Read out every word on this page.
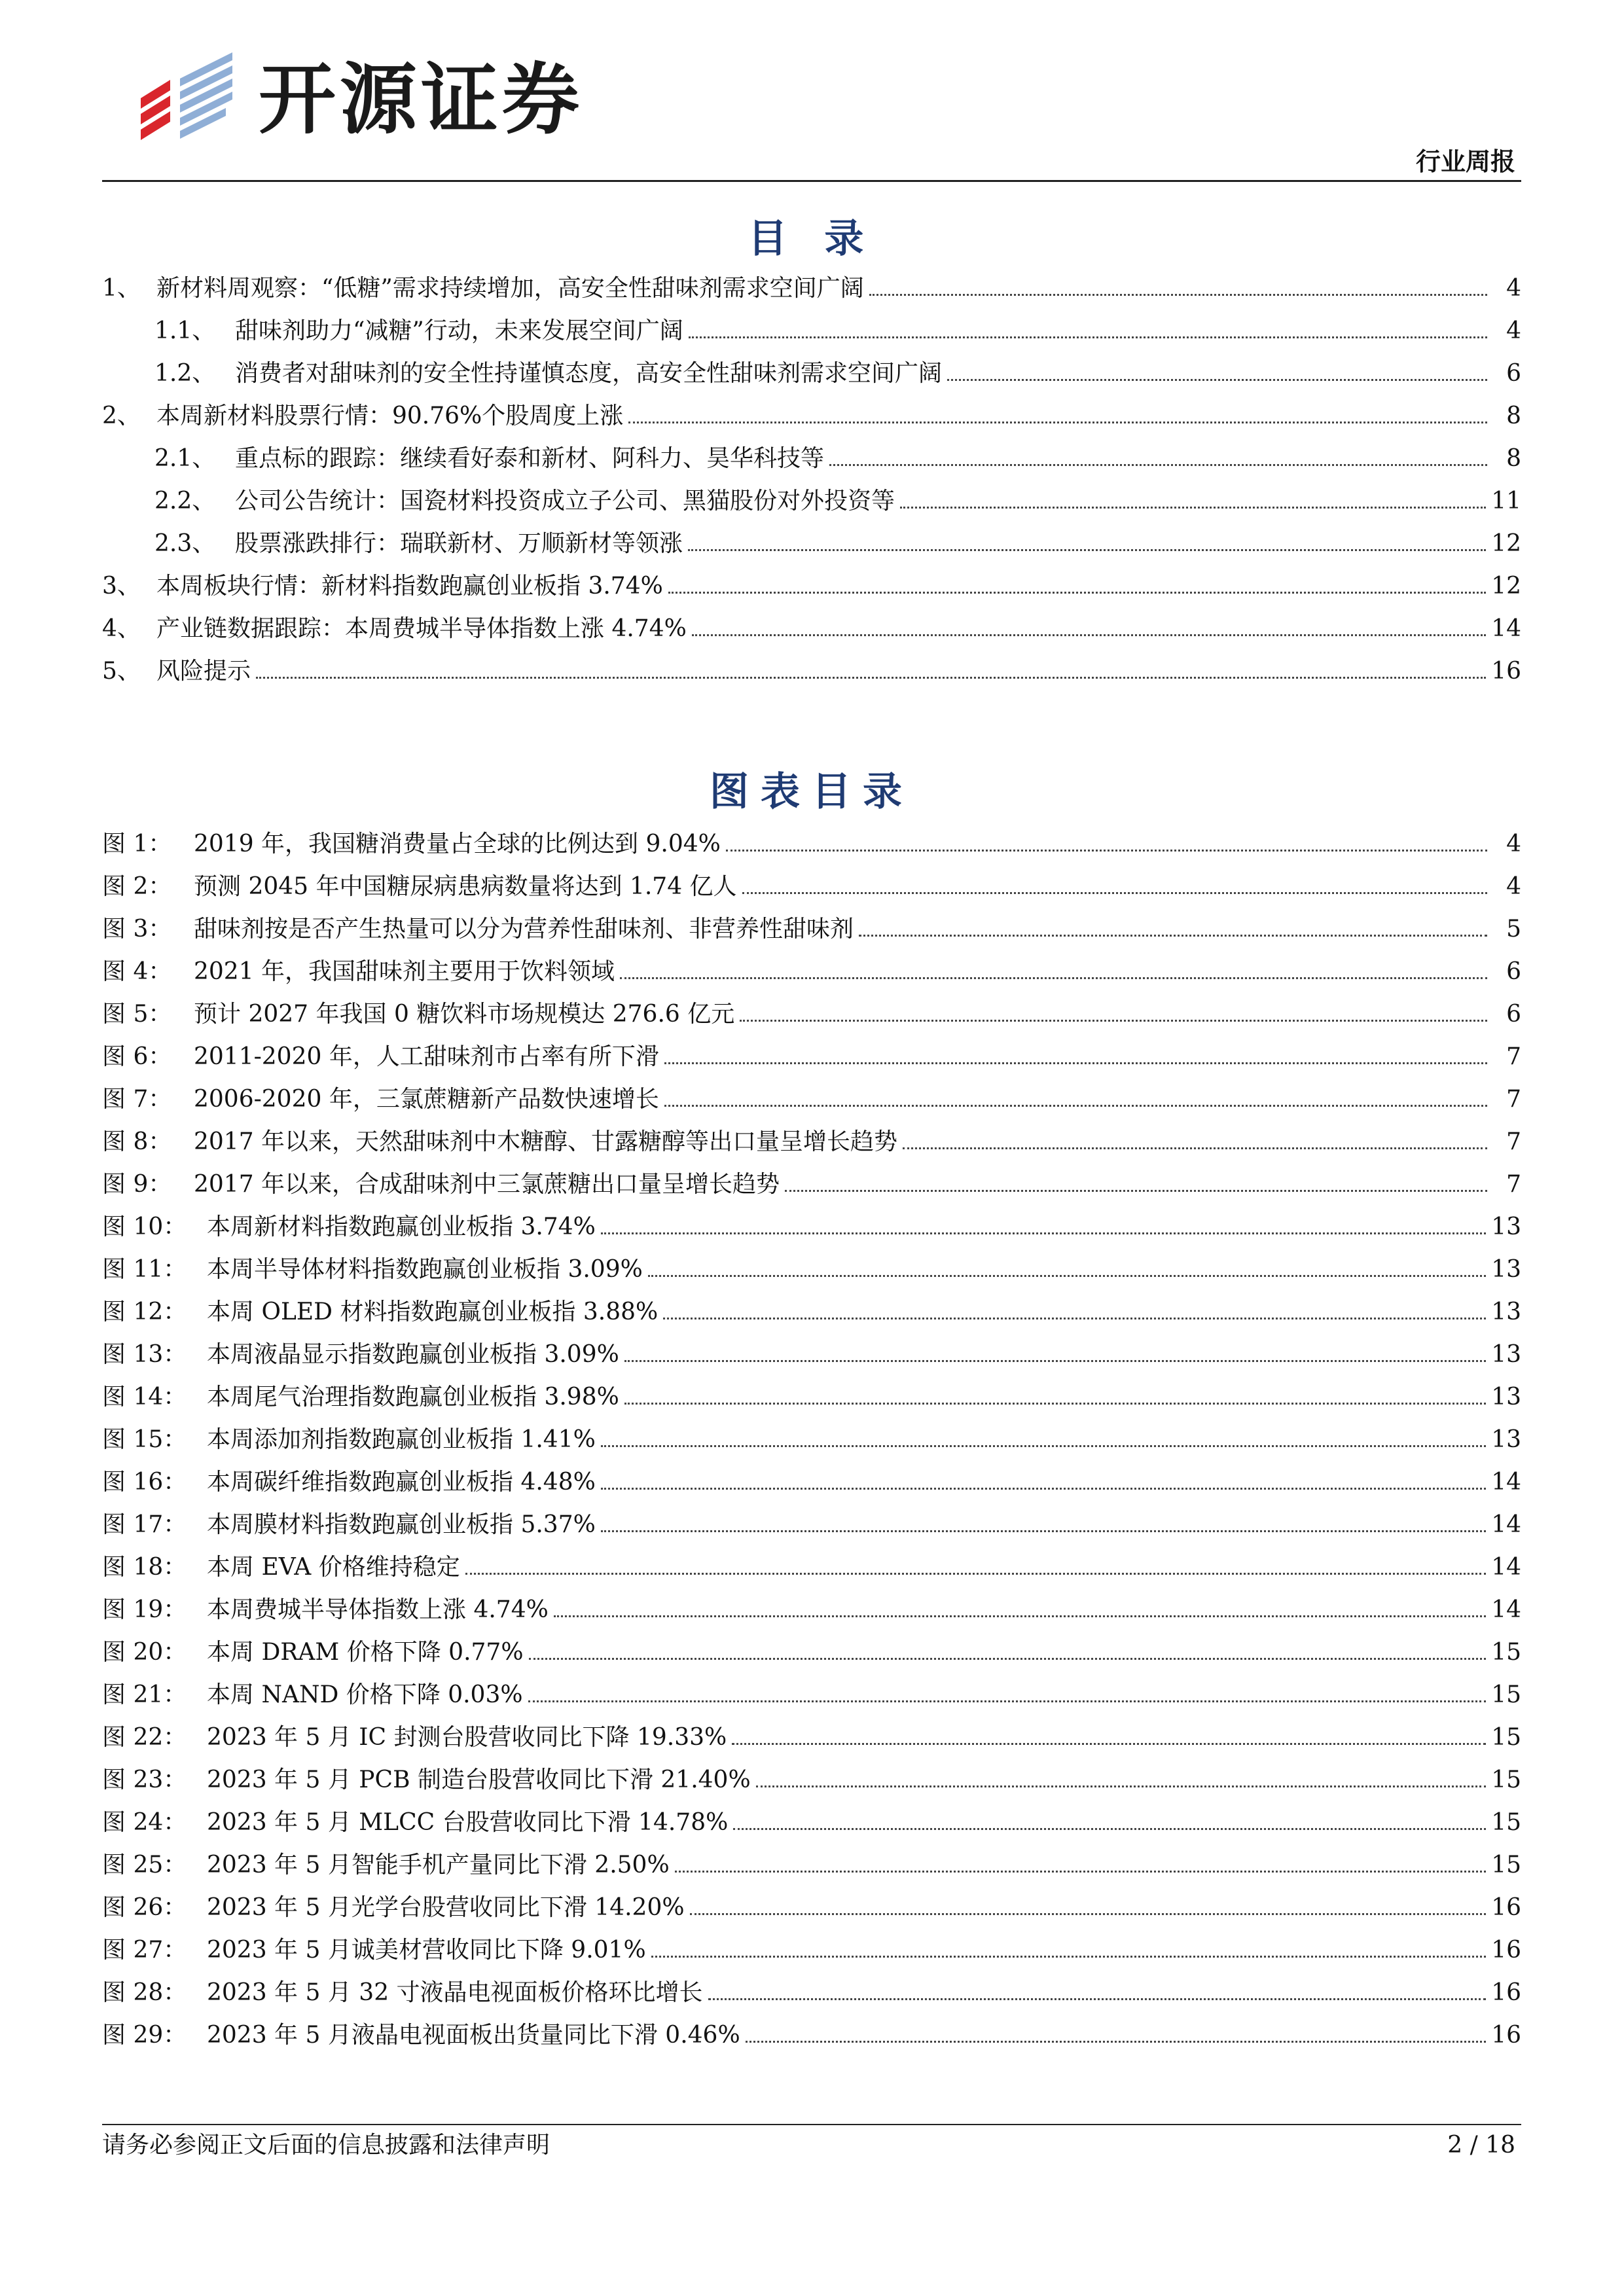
开源证券
行业周报
目 录
1、 新材料周观察：“低糖”需求持续增加，高安全性甜味剂需求空间广阔	4
1.1、 甜味剂助力“减糖”行动，未来发展空间广阔	4
1.2、 消费者对甜味剂的安全性持谨慎态度，高安全性甜味剂需求空间广阔	6
2、 本周新材料股票行情：90.76%个股周度上涨	8
2.1、 重点标的跟踪：继续看好泰和新材、阿科力、昊华科技等	8
2.2、 公司公告统计：国瓷材料投资成立子公司、黑猫股份对外投资等	11
2.3、 股票涨跌排行：瑞联新材、万顺新材等领涨	12
3、 本周板块行情：新材料指数跑赢创业板指 3.74%	12
4、 产业链数据跟踪：本周费城半导体指数上涨 4.74%	14
5、 风险提示	16
图表目录
图 1： 2019 年，我国糖消费量占全球的比例达到 9.04%	4
图 2： 预测 2045 年中国糖尿病患病数量将达到 1.74 亿人	4
图 3： 甜味剂按是否产生热量可以分为营养性甜味剂、非营养性甜味剂	5
图 4： 2021 年，我国甜味剂主要用于饮料领域	6
图 5： 预计 2027 年我国 0 糖饮料市场规模达 276.6 亿元	6
图 6： 2011-2020 年，人工甜味剂市占率有所下滑	7
图 7： 2006-2020 年，三氯蔗糖新产品数快速增长	7
图 8： 2017 年以来，天然甜味剂中木糖醇、甘露糖醇等出口量呈增长趋势	7
图 9： 2017 年以来，合成甜味剂中三氯蔗糖出口量呈增长趋势	7
图 10： 本周新材料指数跑赢创业板指 3.74%	13
图 11： 本周半导体材料指数跑赢创业板指 3.09%	13
图 12： 本周 OLED 材料指数跑赢创业板指 3.88%	13
图 13： 本周液晶显示指数跑赢创业板指 3.09%	13
图 14： 本周尾气治理指数跑赢创业板指 3.98%	13
图 15： 本周添加剂指数跑赢创业板指 1.41%	13
图 16： 本周碳纤维指数跑赢创业板指 4.48%	14
图 17： 本周膜材料指数跑赢创业板指 5.37%	14
图 18： 本周 EVA 价格维持稳定	14
图 19： 本周费城半导体指数上涨 4.74%	14
图 20： 本周 DRAM 价格下降 0.77%	15
图 21： 本周 NAND 价格下降 0.03%	15
图 22： 2023 年 5 月 IC 封测台股营收同比下降 19.33%	15
图 23： 2023 年 5 月 PCB 制造台股营收同比下滑 21.40%	15
图 24： 2023 年 5 月 MLCC 台股营收同比下滑 14.78%	15
图 25： 2023 年 5 月智能手机产量同比下滑 2.50%	15
图 26： 2023 年 5 月光学台股营收同比下滑 14.20%	16
图 27： 2023 年 5 月诚美材营收同比下降 9.01%	16
图 28： 2023 年 5 月 32 寸液晶电视面板价格环比增长	16
图 29： 2023 年 5 月液晶电视面板出货量同比下滑 0.46%	16
请务必参阅正文后面的信息披露和法律声明	2 / 18
